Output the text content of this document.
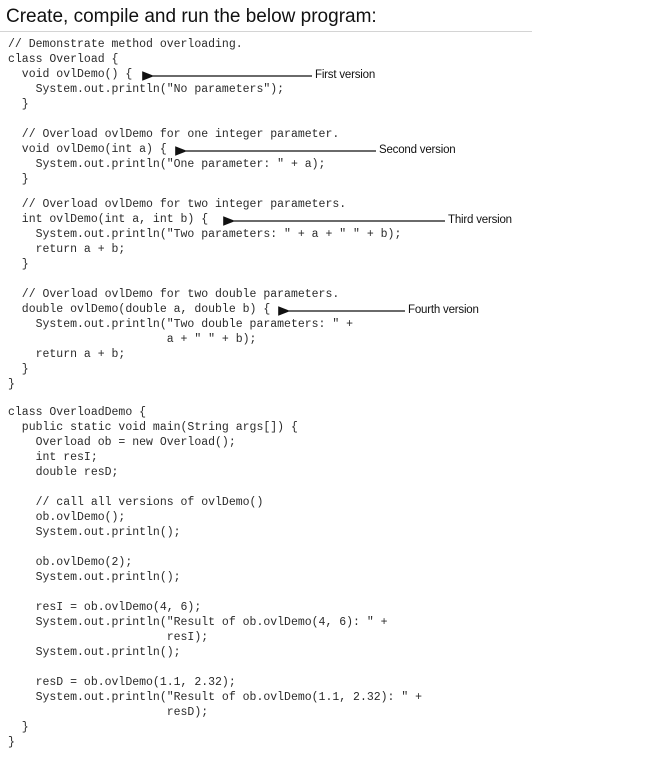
Create, compile and run the below program:
// Demonstrate method overloading.
class Overload {
void ovlDemo() {
System.out.println("No parameters");
}
// Overload ovlDemo for one integer parameter.
void ovlDemo(int a) {
System.out.println("One parameter: " + a);
}
// Overload ovlDemo for two integer parameters.
int ovlDemo(int a, int b) {
System.out.println("Two parameters: " + a + " " + b);
return a + b;
}
// Overload ovlDemo for two double parameters.
double ovlDemo(double a, double b) {
System.out.println("Two double parameters: " +
a + " " + b);
return a + b;
}
}
class OverloadDemo {
public static void main(String args[]) {
Overload ob = new Overload();
int resI;
double resD;
// call all versions of ovlDemo()
ob.ovlDemo();
System.out.println();
ob.ovlDemo(2);
System.out.println();
resI = ob.ovlDemo(4, 6);
System.out.println("Result of ob.ovlDemo(4, 6): " +
resI);
System.out.println();
resD = ob.ovlDemo(1.1, 2.32);
System.out.println("Result of ob.ovlDemo(1.1, 2.32): " +
resD);
}
}
First version
Second version
Third version
Fourth version
